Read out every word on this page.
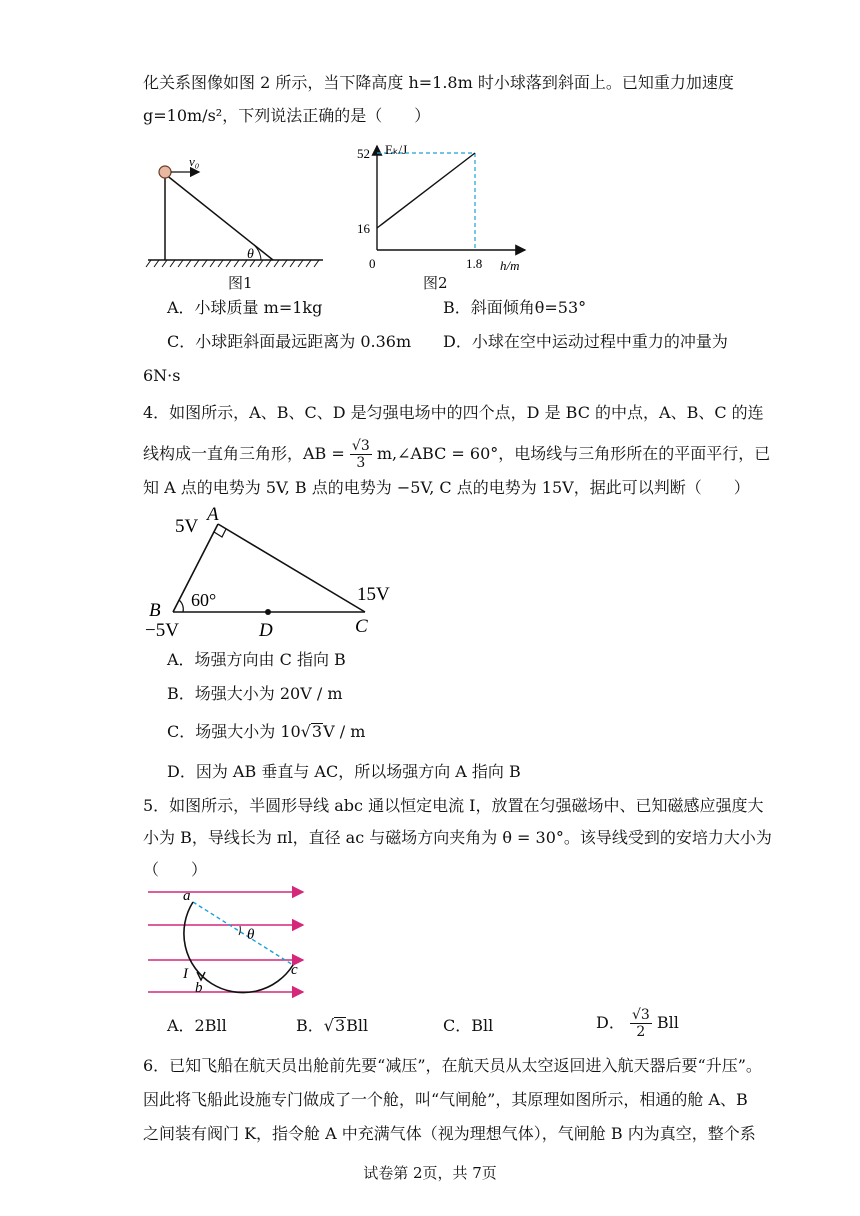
化关系图像如图 2 所示，当下降高度 h=1.8m 时小球落到斜面上。已知重力加速度
g=10m/s²，下列说法正确的是（　　）
v₀
θ
图1
Eₖ/J
h/m
52
16
0	1.8
图2
A．小球质量 m=1kg	B．斜面倾角θ=53°
C．小球距斜面最远距离为 0.36m D．小球在空中运动过程中重力的冲量为
6N·s
4．如图所示，A、B、C、D 是匀强电场中的四个点，D 是 BC 的中点，A、B、C 的连
线构成一直角三角形，AB = $\frac{√3}{3}$ m,∠ABC = 60°，电场线与三角形所在的平面平行，已
知 A 点的电势为 5V, B 点的电势为 −5V, C 点的电势为 15V，据此可以判断（　　）
A
5V
B
−5V
60°
D	C
15V
A．场强方向由 C 指向 B
B．场强大小为 20V / m
C．场强大小为 10√3V / m
D．因为 AB 垂直与 AC，所以场强方向 A 指向 B
5．如图所示，半圆形导线 abc 通以恒定电流 I，放置在匀强磁场中、已知磁感应强度大
小为 B，导线长为 πl，直径 ac 与磁场方向夹角为 θ = 30°。该导线受到的安培力大小为
（　　）
a
θ
c
I
b
A．2Bll	B．√3Bll	C．Bll	D． $\frac{√3}{2}$ Bll
6．已知飞船在航天员出舱前先要“减压”，在航天员从太空返回进入航天器后要“升压”。
因此将飞船此设施专门做成了一个舱，叫“气闸舱”，其原理如图所示，相通的舱 A、B
之间装有阀门 K，指令舱 A 中充满气体（视为理想气体），气闸舱 B 内为真空，整个系
试卷第 2页，共 7页
